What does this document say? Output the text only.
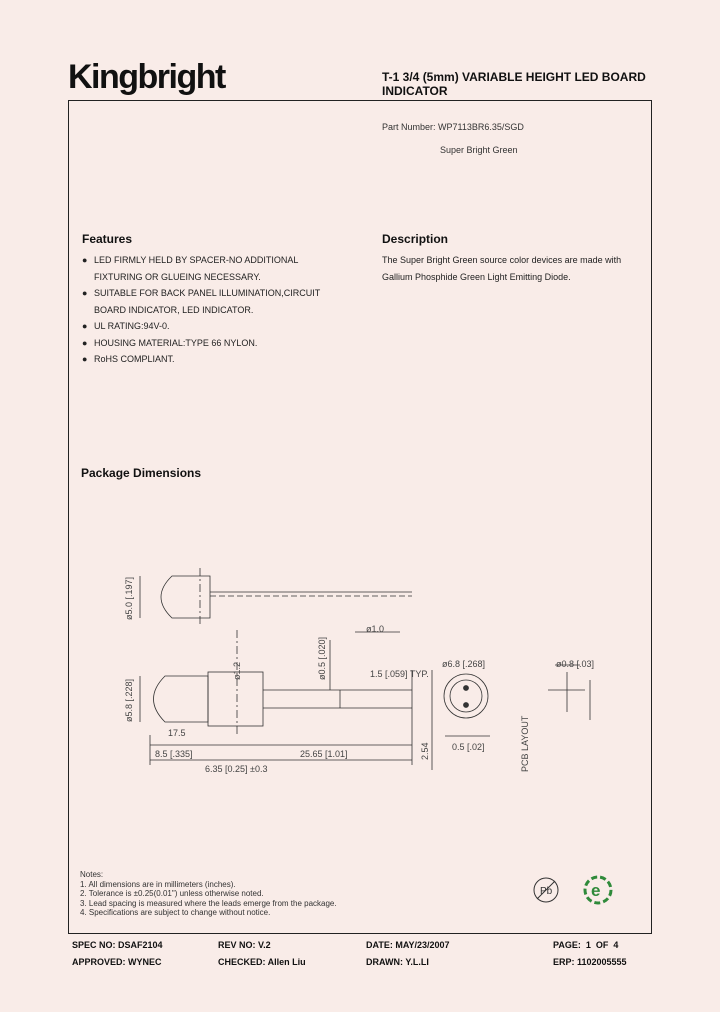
Kingbright	T-1 3/4 (5mm) VARIABLE HEIGHT LED BOARD
INDICATOR
Part Number: WP7113BR6.35/SGD
Super Bright Green
Features
● LED FIRMLY HELD BY SPACER-NO ADDITIONAL
FIXTURING OR GLUEING NECESSARY.
● SUITABLE FOR BACK PANEL ILLUMINATION,CIRCUIT
BOARD INDICATOR, LED INDICATOR.
● UL RATING:94V-0.
● HOUSING MATERIAL:TYPE 66 NYLON.
● RoHS COMPLIANT.
Description
The Super Bright Green source color devices are made with
Gallium Phosphide Green Light Emitting Diode.
Package Dimensions
ø5.0 [.197]
ø5.8 [.228]
17.5
8.5 [.335]	25.65 [1.01]
6.35 [0.25] ±0.3
ø1.2	ø0.5 [.020]
ø1.0
1.5 [.059] TYP.
2.54
ø6.8 [.268]
0.5 [.02]	PCB LAYOUT
ø0.8 [.03]
Pb e
Notes:
1. All dimensions are in millimeters (inches).
2. Tolerance is ±0.25(0.01") unless otherwise noted.
3. Lead spacing is measured where the leads emerge from the package.
4. Specifications are subject to change without notice.
SPEC NO: DSAF2104	REV NO: V.2	DATE: MAY/23/2007	PAGE:  1  OF  4
APPROVED: WYNEC	CHECKED: Allen Liu	DRAWN: Y.L.LI	ERP: 1102005555
